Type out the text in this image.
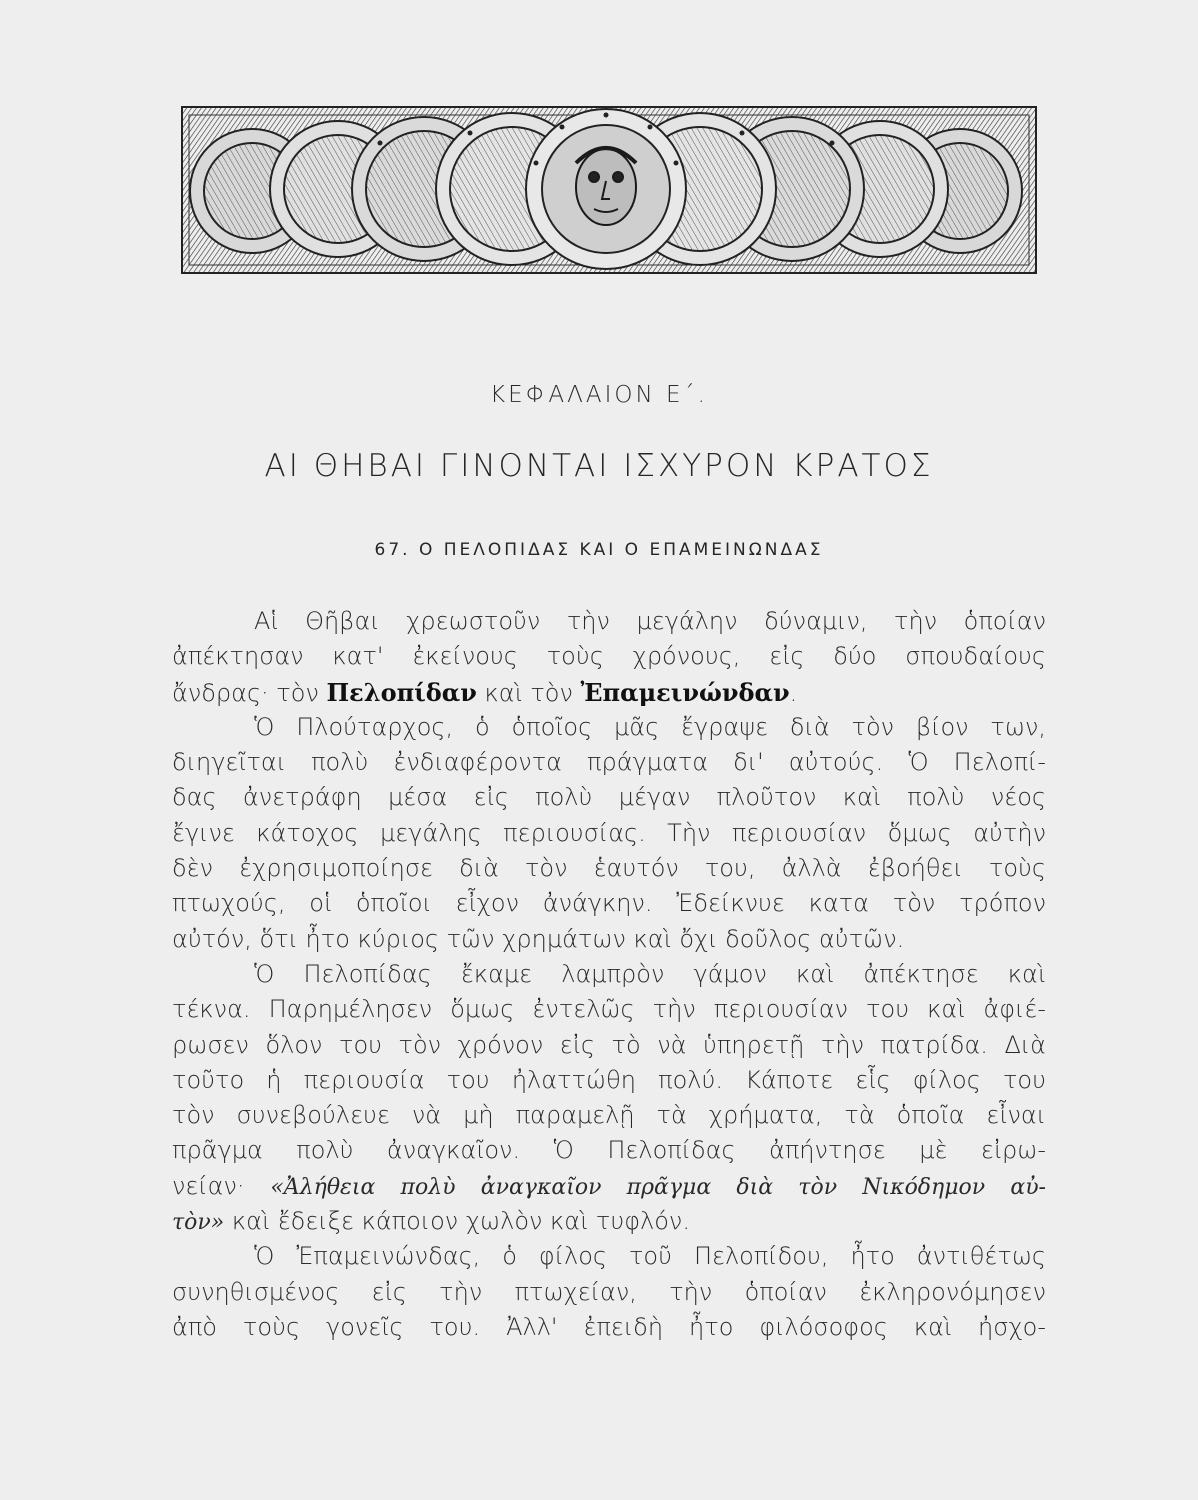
ΚΕΦΑΛΑΙΟΝ Ε΄.
ΑΙ ΘΗΒΑΙ ΓΙΝΟΝΤΑΙ ΙΣΧΥΡΟΝ ΚΡΑΤΟΣ
67. Ο ΠΕΛΟΠΙΔΑΣ ΚΑΙ Ο ΕΠΑΜΕΙΝΩΝΔΑΣ
Αἱ Θῆβαι χρεωστοῦν τὴν μεγάλην δύναμιν, τὴν ὁποίαν
ἀπέκτησαν κατ' ἐκείνους τοὺς χρόνους, εἰς δύο σπουδαίους
ἄνδρας· τὸν Πελοπίδαν καὶ τὸν Ἐπαμεινώνδαν.
Ὁ Πλούταρχος, ὁ ὁποῖος μᾶς ἔγραψε διὰ τὸν βίον των,
διηγεῖται πολὺ ἐνδιαφέροντα πράγματα δι' αὐτούς. Ὁ Πελοπί-
δας ἀνετράφη μέσα εἰς πολὺ μέγαν πλοῦτον καὶ πολὺ νέος
ἔγινε κάτοχος μεγάλης περιουσίας. Τὴν περιουσίαν ὅμως αὐτὴν
δὲν ἐχρησιμοποίησε διὰ τὸν ἑαυτόν του, ἀλλὰ ἐβοήθει τοὺς
πτωχούς, οἱ ὁποῖοι εἶχον ἀνάγκην. Ἐδείκνυε κατα τὸν τρόπον
αὐτόν, ὅτι ἦτο κύριος τῶν χρημάτων καὶ ὄχι δοῦλος αὐτῶν.
Ὁ Πελοπίδας ἔκαμε λαμπρὸν γάμον καὶ ἀπέκτησε καὶ
τέκνα. Παρημέλησεν ὅμως ἐντελῶς τὴν περιουσίαν του καὶ ἀφιέ-
ρωσεν ὅλον του τὸν χρόνον εἰς τὸ νὰ ὑπηρετῇ τὴν πατρίδα. Διὰ
τοῦτο ἡ περιουσία του ἠλαττώθη πολύ. Κάποτε εἷς φίλος του
τὸν συνεβούλευε νὰ μὴ παραμελῇ τὰ χρήματα, τὰ ὁποῖα εἶναι
πρᾶγμα πολὺ ἀναγκαῖον. Ὁ Πελοπίδας ἀπήντησε μὲ εἰρω-
νείαν· «Ἀλήθεια πολὺ ἀναγκαῖον πρᾶγμα διὰ τὸν Νικόδημον αὐ-
τὸν» καὶ ἔδειξε κάποιον χωλὸν καὶ τυφλόν.
Ὁ Ἐπαμεινώνδας, ὁ φίλος τοῦ Πελοπίδου, ἦτο ἀντιθέτως
συνηθισμένος εἰς τὴν πτωχείαν, τὴν ὁποίαν ἐκληρονόμησεν
ἀπὸ τοὺς γονεῖς του. Ἀλλ' ἐπειδὴ ἦτο φιλόσοφος καὶ ἠσχο-
